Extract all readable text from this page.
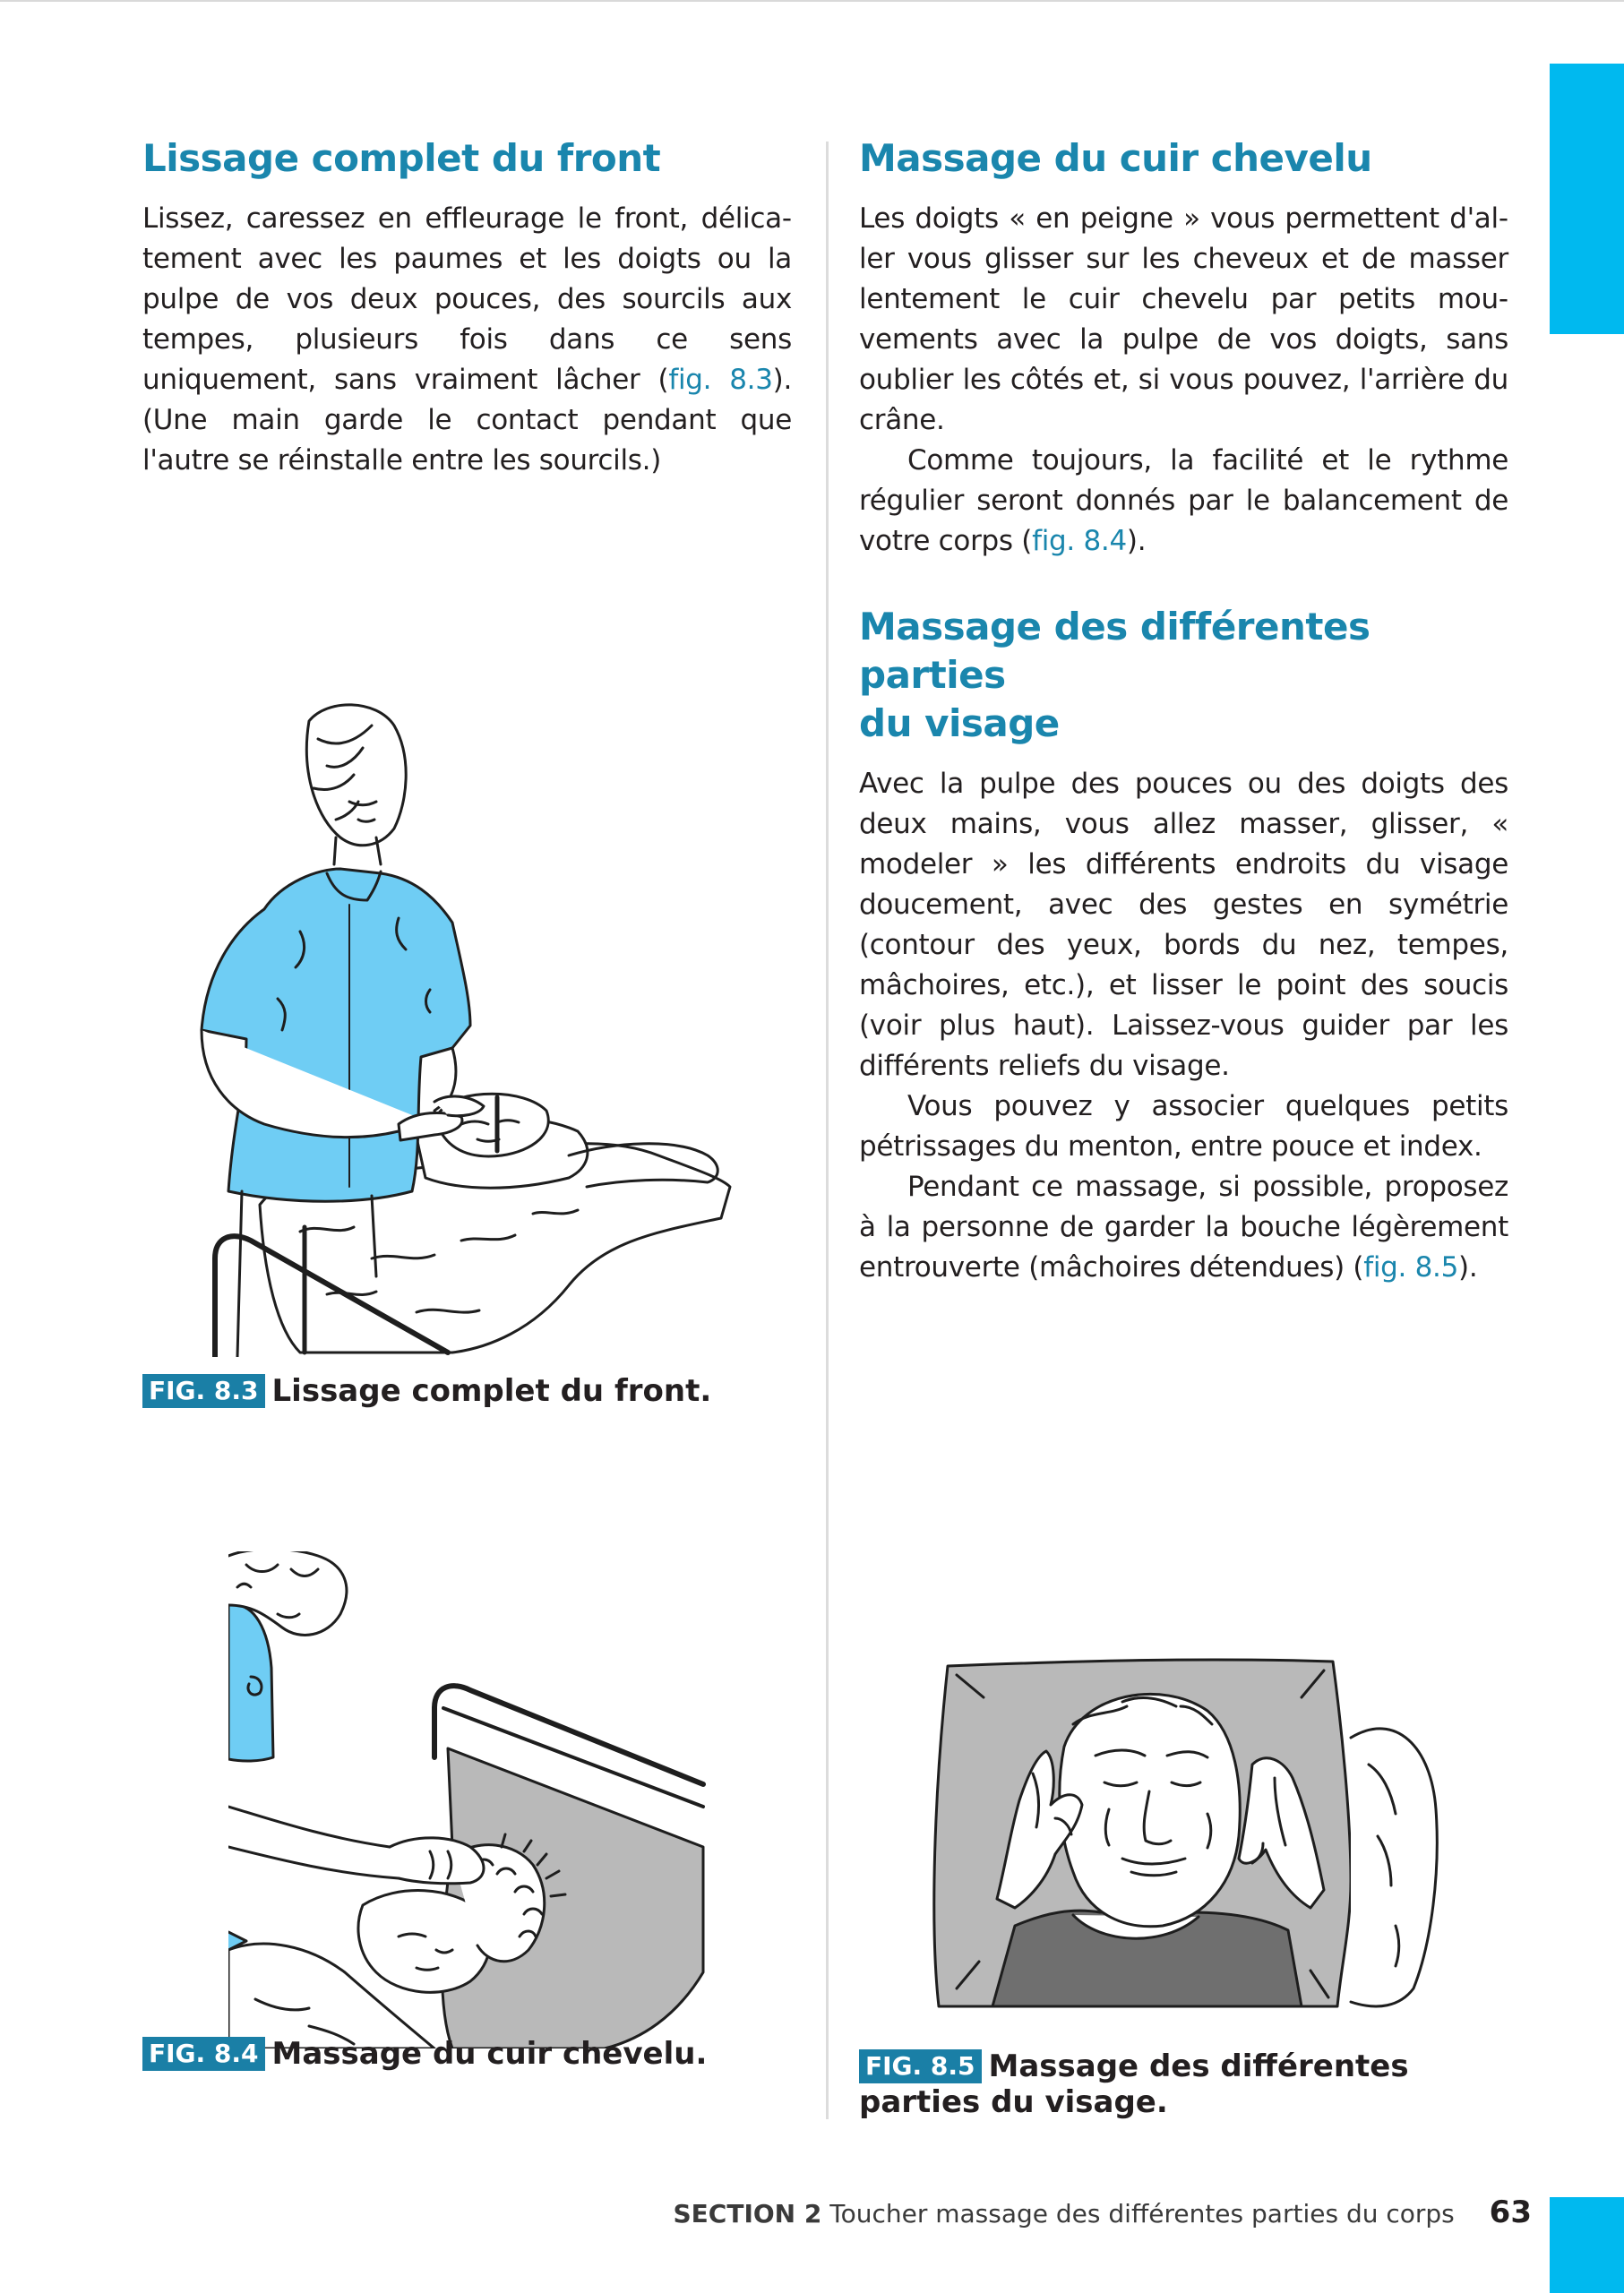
Lissage complet du front

Lissez, caressez en effleurage le front, délicatement avec les paumes et les doigts ou la pulpe de vos deux pouces, des sourcils aux tempes, plusieurs fois dans ce sens uniquement, sans vraiment lâcher (fig. 8.3). (Une main garde le contact pendant que l'autre se réinstalle entre les sourcils.)

Massage du cuir chevelu

Les doigts « en peigne » vous permettent d'aller vous glisser sur les cheveux et de masser lentement le cuir chevelu par petits mouvements avec la pulpe de vos doigts, sans oublier les côtés et, si vous pouvez, l'arrière du crâne.

Comme toujours, la facilité et le rythme régulier seront donnés par le balancement de votre corps (fig. 8.4).

Massage des différentes parties
du visage

Avec la pulpe des pouces ou des doigts des deux mains, vous allez masser, glisser, « modeler » les différents endroits du visage doucement, avec des gestes en symétrie (contour des yeux, bords du nez, tempes, mâchoires, etc.), et lisser le point des soucis (voir plus haut). Laissez-vous guider par les différents reliefs du visage.

Vous pouvez y associer quelques petits pétrissages du menton, entre pouce et index.

Pendant ce massage, si possible, proposez à la personne de garder la bouche légèrement entrouverte (mâchoires détendues) (fig. 8.5).

FIG. 8.3 Lissage complet du front.
FIG. 8.4 Massage du cuir chevelu.	FIG. 8.5 Massage des différentes
parties du visage.
SECTION 2 Toucher massage des différentes parties du corps 63
